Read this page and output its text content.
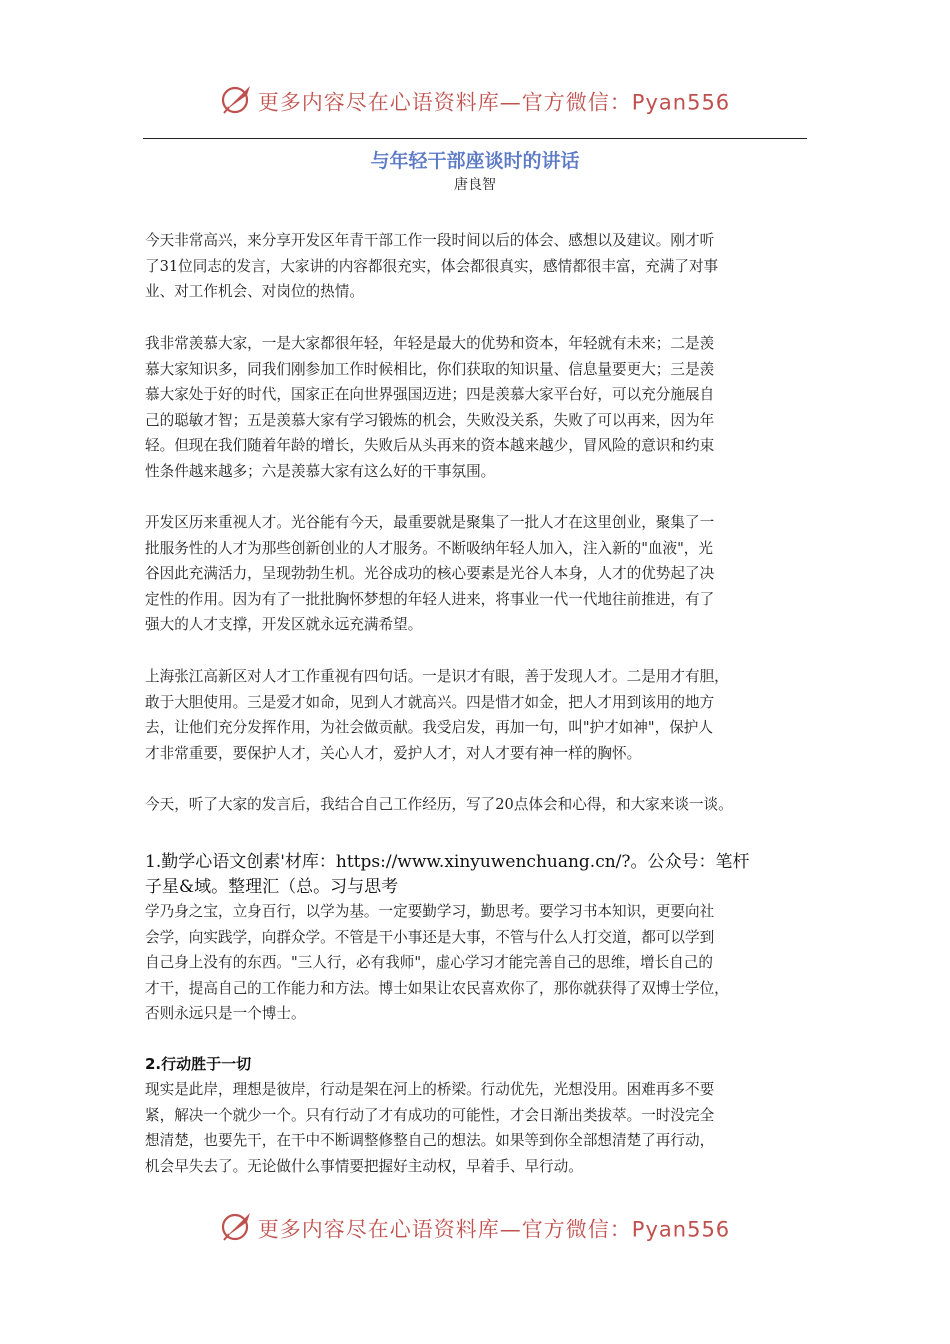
更多内容尽在心语资料库—官方微信：Pyan556
与年轻干部座谈时的讲话
唐良智
今天非常高兴，来分享开发区年青干部工作一段时间以后的体会、感想以及建议。刚才听
了31位同志的发言，大家讲的内容都很充实，体会都很真实，感情都很丰富，充满了对事
业、对工作机会、对岗位的热情。
我非常羡慕大家，一是大家都很年轻，年轻是最大的优势和资本，年轻就有未来；二是羡
慕大家知识多，同我们刚参加工作时候相比，你们获取的知识量、信息量要更大；三是羡
慕大家处于好的时代，国家正在向世界强国迈进；四是羡慕大家平台好，可以充分施展自
己的聪敏才智；五是羡慕大家有学习锻炼的机会，失败没关系，失败了可以再来，因为年
轻。但现在我们随着年龄的增长，失败后从头再来的资本越来越少，冒风险的意识和约束
性条件越来越多；六是羡慕大家有这么好的干事氛围。
开发区历来重视人才。光谷能有今天，最重要就是聚集了一批人才在这里创业，聚集了一
批服务性的人才为那些创新创业的人才服务。不断吸纳年轻人加入，注入新的"血液"，光
谷因此充满活力，呈现勃勃生机。光谷成功的核心要素是光谷人本身，人才的优势起了决
定性的作用。因为有了一批批胸怀梦想的年轻人进来，将事业一代一代地往前推进，有了
强大的人才支撑，开发区就永远充满希望。
上海张江高新区对人才工作重视有四句话。一是识才有眼，善于发现人才。二是用才有胆，
敢于大胆使用。三是爱才如命，见到人才就高兴。四是惜才如金，把人才用到该用的地方
去，让他们充分发挥作用，为社会做贡献。我受启发，再加一句，叫"护才如神"，保护人
才非常重要，要保护人才，关心人才，爱护人才，对人才要有神一样的胸怀。
今天，听了大家的发言后，我结合自己工作经历，写了20点体会和心得，和大家来谈一谈。
1.勤学心语文创素'材库：https://www.xinyuwenchuang.cn/?。公众号：笔杆
子星&域。整理汇（总。习与思考
学乃身之宝，立身百行，以学为基。一定要勤学习，勤思考。要学习书本知识，更要向社
会学，向实践学，向群众学。不管是干小事还是大事，不管与什么人打交道，都可以学到
自己身上没有的东西。"三人行，必有我师"，虚心学习才能完善自己的思维，增长自己的
才干，提高自己的工作能力和方法。博士如果让农民喜欢你了，那你就获得了双博士学位，
否则永远只是一个博士。
2.行动胜于一切
现实是此岸，理想是彼岸，行动是架在河上的桥梁。行动优先，光想没用。困难再多不要
紧，解决一个就少一个。只有行动了才有成功的可能性，才会日渐出类拔萃。一时没完全
想清楚，也要先干，在干中不断调整修整自己的想法。如果等到你全部想清楚了再行动，
机会早失去了。无论做什么事情要把握好主动权，早着手、早行动。
更多内容尽在心语资料库—官方微信：Pyan556
